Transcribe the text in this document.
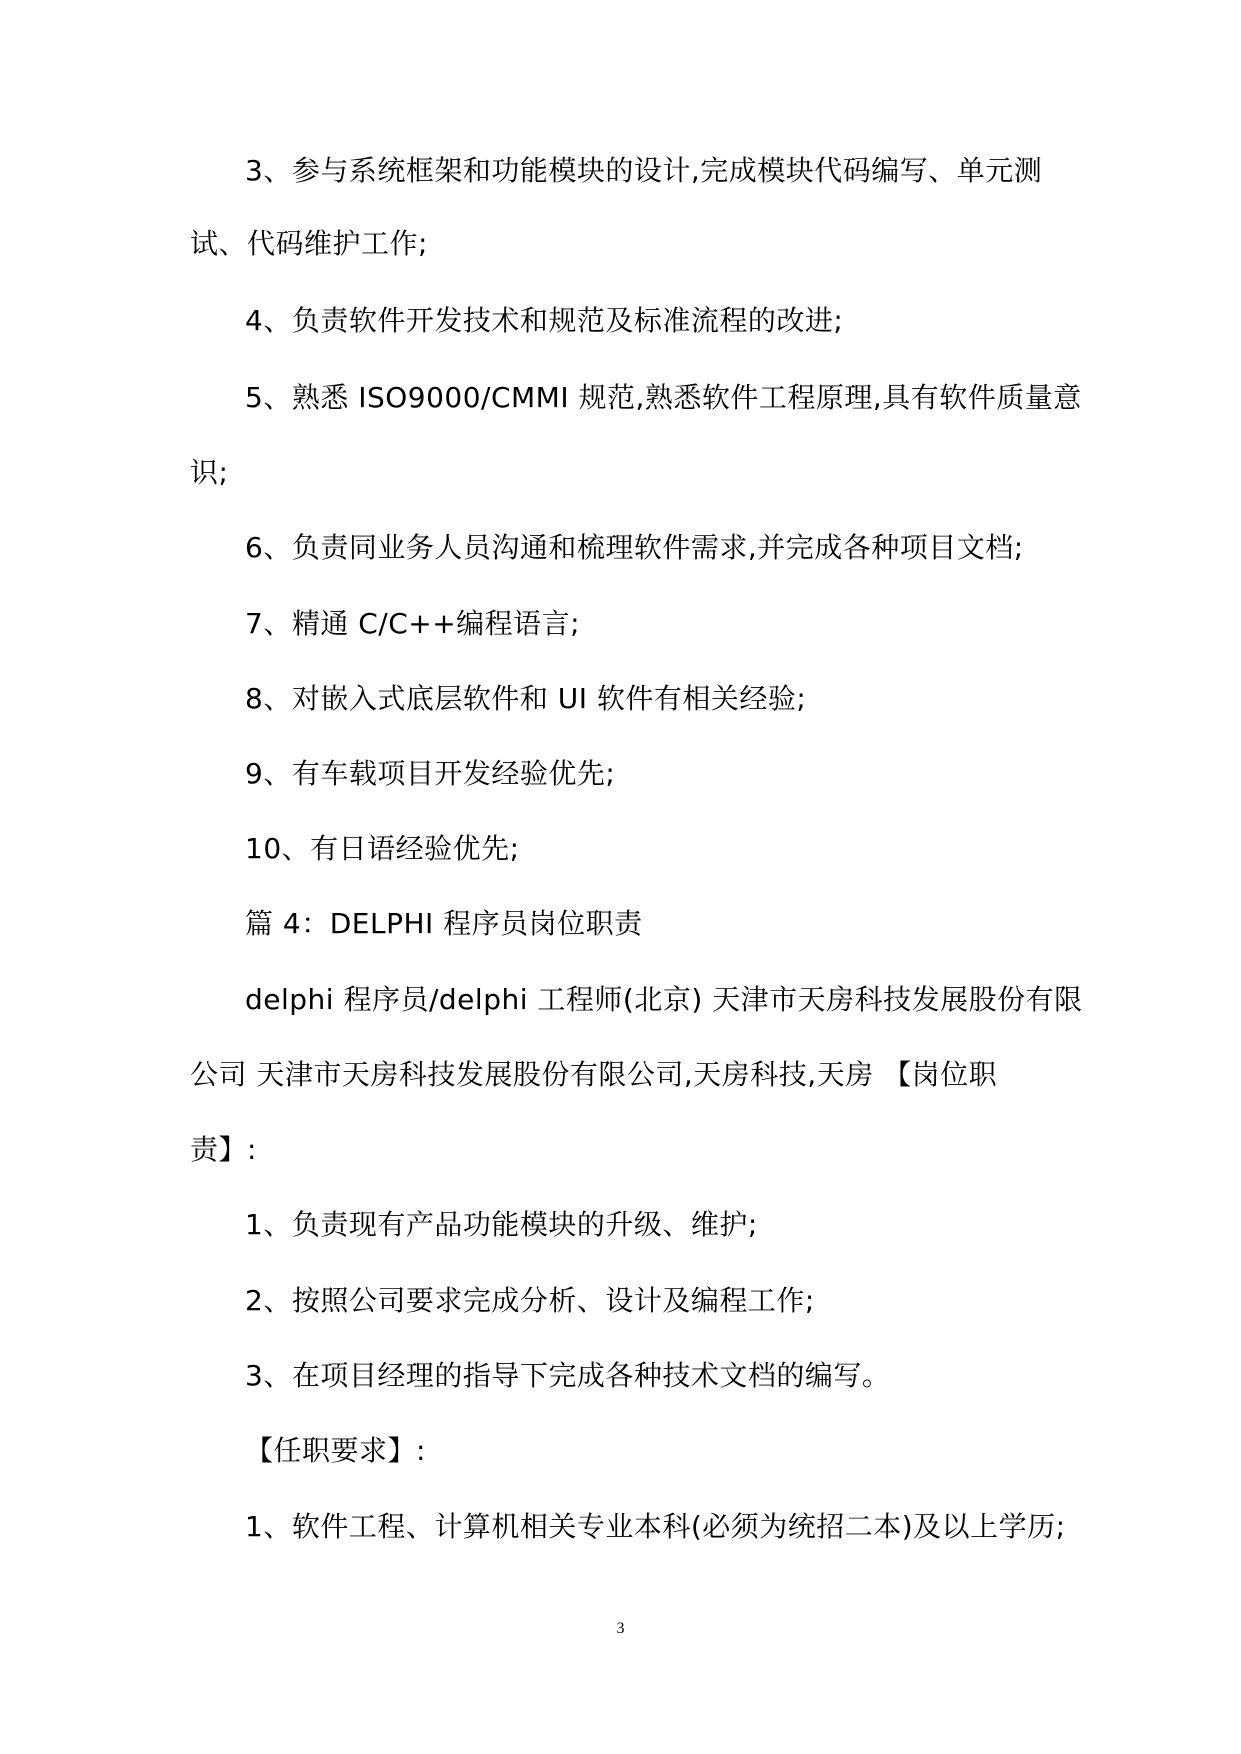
3、参与系统框架和功能模块的设计,完成模块代码编写、单元测
试、代码维护工作;
4、负责软件开发技术和规范及标准流程的改进;
5、熟悉 ISO9000/CMMI 规范,熟悉软件工程原理,具有软件质量意
识;
6、负责同业务人员沟通和梳理软件需求,并完成各种项目文档;
7、精通 C/C++编程语言;
8、对嵌入式底层软件和 UI 软件有相关经验;
9、有车载项目开发经验优先;
10、有日语经验优先;
篇 4：DELPHI 程序员岗位职责
delphi 程序员/delphi 工程师(北京) 天津市天房科技发展股份有限
公司 天津市天房科技发展股份有限公司,天房科技,天房 【岗位职
责】:
1、负责现有产品功能模块的升级、维护;
2、按照公司要求完成分析、设计及编程工作;
3、在项目经理的指导下完成各种技术文档的编写。
【任职要求】:
1、软件工程、计算机相关专业本科(必须为统招二本)及以上学历;
3
